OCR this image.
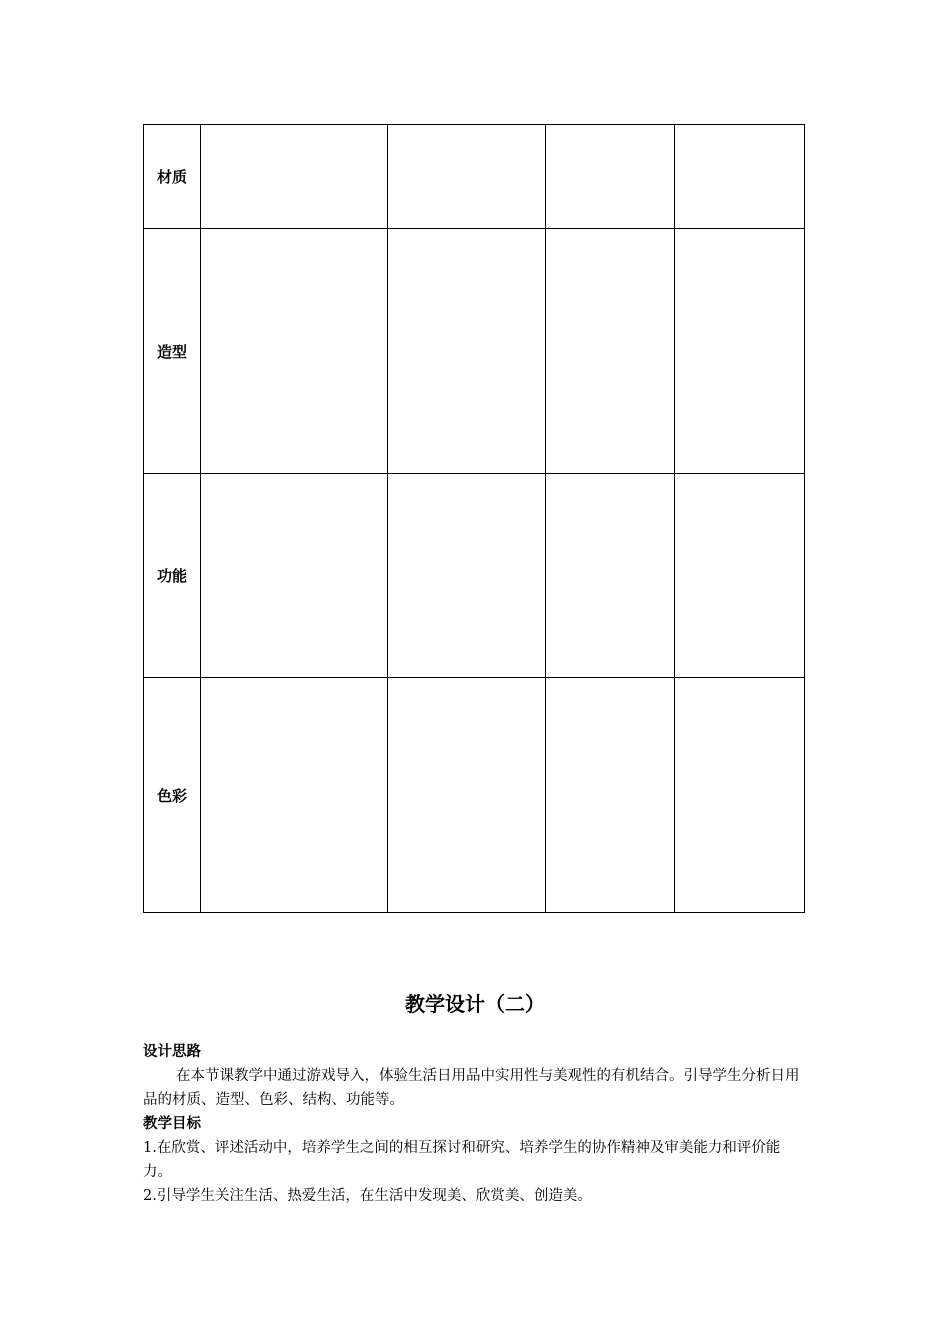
材质				
造型				
功能				
色彩				
教学设计（二）

设计思路

在本节课教学中通过游戏导入，体验生活日用品中实用性与美观性的有机结合。引导学生分析日用品的材质、造型、色彩、结构、功能等。

教学目标

1.在欣赏、评述活动中，培养学生之间的相互探讨和研究、培养学生的协作精神及审美能力和评价能力。

2.引导学生关注生活、热爱生活，在生活中发现美、欣赏美、创造美。
